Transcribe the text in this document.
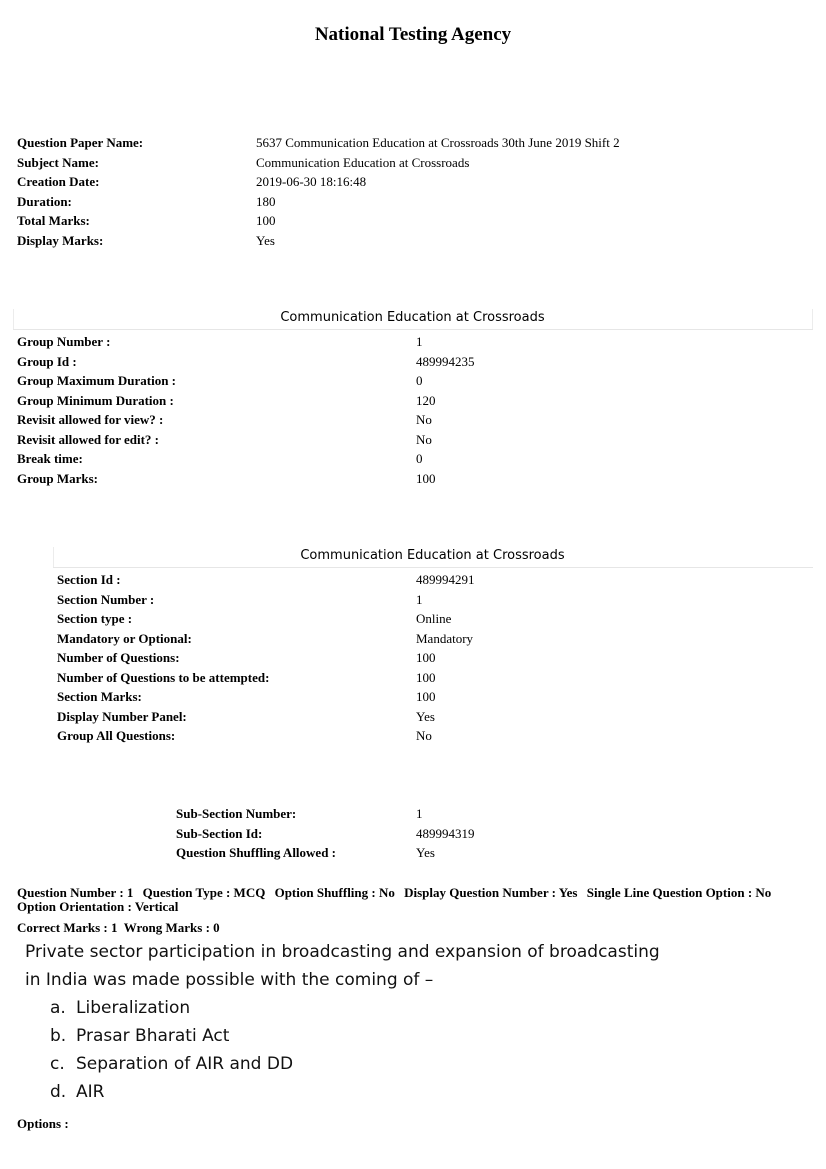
National Testing Agency
Question Paper Name:	5637 Communication Education at Crossroads 30th June 2019 Shift 2
Subject Name:	Communication Education at Crossroads
Creation Date:	2019-06-30 18:16:48
Duration:	180
Total Marks:	100
Display Marks:	Yes
Communication Education at Crossroads
Group Number :	1
Group Id :	489994235
Group Maximum Duration :	0
Group Minimum Duration :	120
Revisit allowed for view? :	No
Revisit allowed for edit? :	No
Break time:	0
Group Marks:	100
Communication Education at Crossroads
Section Id :	489994291
Section Number :	1
Section type :	Online
Mandatory or Optional:	Mandatory
Number of Questions:	100
Number of Questions to be attempted:	100
Section Marks:	100
Display Number Panel:	Yes
Group All Questions:	No
Sub-Section Number:	1
Sub-Section Id:	489994319
Question Shuffling Allowed :	Yes
Question Number : 1 Question Type : MCQ Option Shuffling : No Display Question Number : Yes Single Line Question Option : No Option Orientation : Vertical
Correct Marks : 1  Wrong Marks : 0
Private sector participation in broadcasting and expansion of broadcasting
in India was made possible with the coming of –
a. Liberalization
b. Prasar Bharati Act
c. Separation of AIR and DD
d. AIR
Options :
